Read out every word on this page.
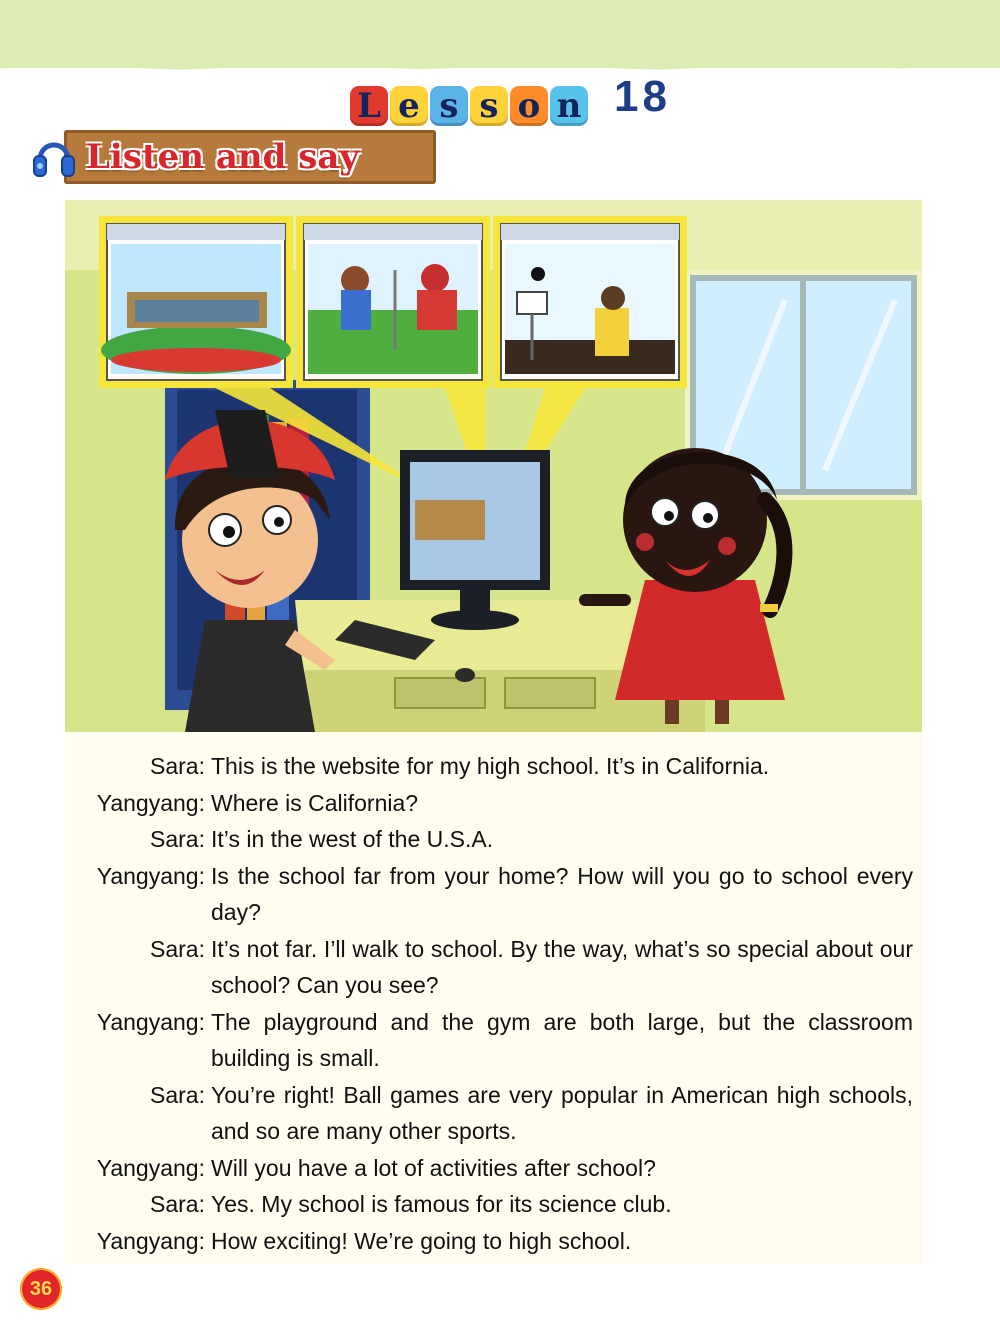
L e s s o n 18
Listen and say
Sara: This is the website for my high school. It’s in California.
Yangyang: Where is California?
Sara: It’s in the west of the U.S.A.
Yangyang: Is the school far from your home? How will you go to school every day?
Sara: It’s not far. I’ll walk to school. By the way, what’s so special about our school? Can you see?
Yangyang: The playground and the gym are both large, but the classroom building is small.
Sara: You’re right! Ball games are very popular in American high schools, and so are many other sports.
Yangyang: Will you have a lot of activities after school?
Sara: Yes. My school is famous for its science club.
Yangyang: How exciting! We’re going to high school.
36
